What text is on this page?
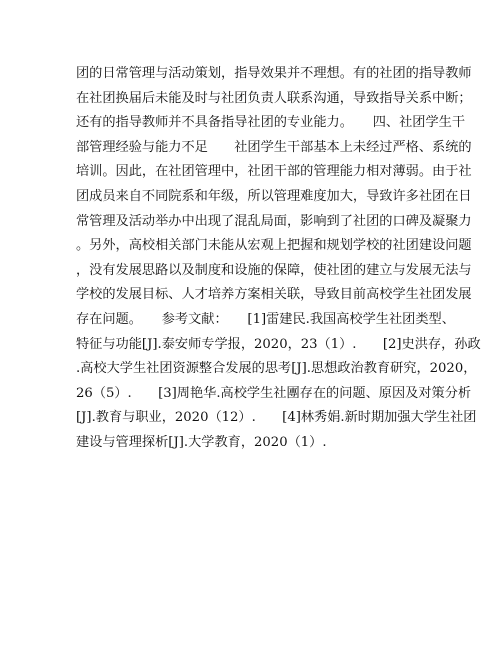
团的日常管理与活动策划，指导效果并不理想。有的社团的指导教师
在社团换届后未能及时与社团负责人联系沟通，导致指导关系中断；
还有的指导教师并不具备指导社团的专业能力。　　四、社团学生干
部管理经验与能力不足　　社团学生干部基本上未经过严格、系统的
培训。因此，在社团管理中，社团干部的管理能力相对薄弱。由于社
团成员来自不同院系和年级，所以管理难度加大，导致许多社团在日
常管理及活动举办中出现了混乱局面，影响到了社团的口碑及凝聚力
。另外，高校相关部门未能从宏观上把握和规划学校的社团建设问题
，没有发展思路以及制度和设施的保障，使社团的建立与发展无法与
学校的发展目标、人才培养方案相关联，导致目前高校学生社团发展
存在问题。　　参考文献：　　[1]雷建民.我国高校学生社团类型、
特征与功能[J].泰安师专学报，2020，23（1）.　　[2]史洪存，孙政
.高校大学生社团资源整合发展的思考[J].思想政治教育研究，2020，
26（5）.　　[3]周艳华.高校学生社團存在的问题、原因及对策分析
[J].教育与职业，2020（12）.　　[4]林秀娟.新时期加强大学生社团
建设与管理探析[J].大学教育，2020（1）.
